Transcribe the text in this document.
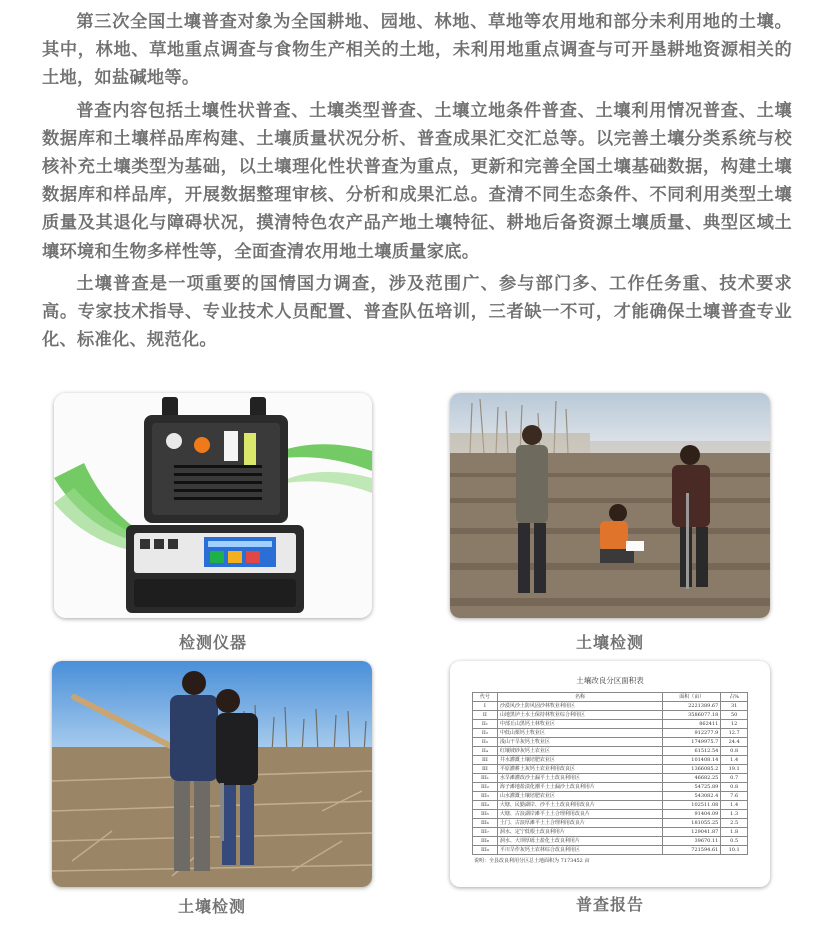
第三次全国土壤普查对象为全国耕地、园地、林地、草地等农用地和部分未利用地的土壤。其中，林地、草地重点调查与食物生产相关的土地，未利用地重点调查与可开垦耕地资源相关的土地，如盐碱地等。

普查内容包括土壤性状普查、土壤类型普查、土壤立地条件普查、土壤利用情况普查、土壤数据库和土壤样品库构建、土壤质量状况分析、普查成果汇交汇总等。以完善土壤分类系统与校核补充土壤类型为基础，以土壤理化性状普查为重点，更新和完善全国土壤基础数据，构建土壤数据库和样品库，开展数据整理审核、分析和成果汇总。查清不同生态条件、不同利用类型土壤质量及其退化与障碍状况，摸清特色农产品产地土壤特征、耕地后备资源土壤质量、典型区域土壤环境和生物多样性等，全面查清农用地土壤质量家底。

土壤普查是一项重要的国情国力调查，涉及范围广、参与部门多、工作任务重、技术要求高。专家技术指导、专业技术人员配置、普查队伍培训，三者缺一不可，才能确保土壤普查专业化、标准化、规范化。

检测仪器	土壤检测
土壤检测
土壤改良分区面积表
代号	名称	面积（亩）	占%
I	沙漠风沙土防风固沙林牧业利用区	2221389.67	31
II	山地黑垆土水土保持林牧业综合利用区	3586077.18	50
II₁	中部丘山黑钙土林牧业区	862411	12
II₂	中低山栗钙土牧业区	912277.9	12.7
II₃	浅山干旱灰钙土牧业区	1749975.7	24.4
II₄	红壤坡砂灰钙土农业区	61512.54	0.8
III	井水灌溉土壤培肥农业区	101408.14	1.4
III	平原灌耕土灰钙土农业利用改良区	1366085.2	19.1
III₁	水旱滩灌改沙土漏平土土改良利用区	46682.25	0.7
III₂	海子滩地盐渍化潮平土土漏沙土改良利用片	54725.89	0.8
III₃	山水灌溉土壤培肥农业区	543082.4	7.6
III₄	大塘、民勤湖岸、沙平土土改良利用改良片	102511.08	1.4
III₅	大塘、古浪湖岸滩平土土合理利用改良片	91404.09	1.3
III₆	土门、古浪厚滩平土土合理利用改良片	181055.25	2.5
III₇	洞水、定宁低根土改良利用片	129041.87	1.8
III₈	洞水、大坝厚砾土盐化土改良利用片	39670.11	0.5
III₉	平川旱作灰钙土农林综合改良利用区	721594.61	10.1
说明：全县改良利用分区总土地面积为 7173452 亩
普查报告
